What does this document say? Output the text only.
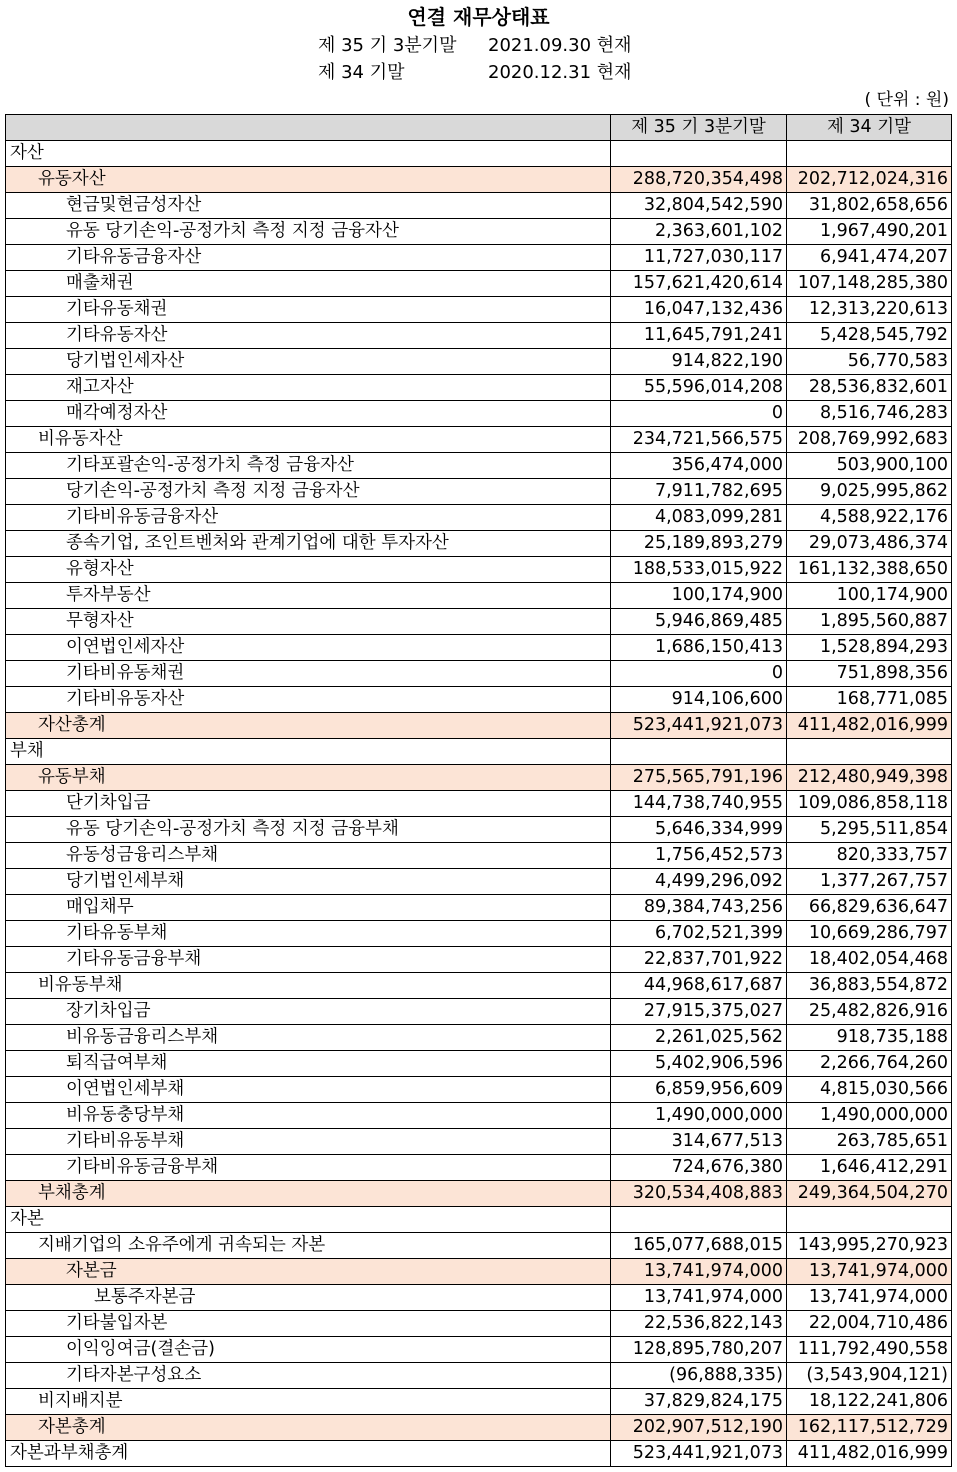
연결 재무상태표
제 35 기 3분기말 2021.09.30 현재
제 34 기말	2020.12.31 현재
( 단위 : 원)
	제 35 기 3분기말	제 34 기말
자산		
유동자산	288,720,354,498	202,712,024,316
현금및현금성자산	32,804,542,590	31,802,658,656
유동 당기손익-공정가치 측정 지정 금융자산	2,363,601,102	1,967,490,201
기타유동금융자산	11,727,030,117	6,941,474,207
매출채권	157,621,420,614	107,148,285,380
기타유동채권	16,047,132,436	12,313,220,613
기타유동자산	11,645,791,241	5,428,545,792
당기법인세자산	914,822,190	56,770,583
재고자산	55,596,014,208	28,536,832,601
매각예정자산	0	8,516,746,283
비유동자산	234,721,566,575	208,769,992,683
기타포괄손익-공정가치 측정 금융자산	356,474,000	503,900,100
당기손익-공정가치 측정 지정 금융자산	7,911,782,695	9,025,995,862
기타비유동금융자산	4,083,099,281	4,588,922,176
종속기업, 조인트벤처와 관계기업에 대한 투자자산	25,189,893,279	29,073,486,374
유형자산	188,533,015,922	161,132,388,650
투자부동산	100,174,900	100,174,900
무형자산	5,946,869,485	1,895,560,887
이연법인세자산	1,686,150,413	1,528,894,293
기타비유동채권	0	751,898,356
기타비유동자산	914,106,600	168,771,085
자산총계	523,441,921,073	411,482,016,999
부채		
유동부채	275,565,791,196	212,480,949,398
단기차입금	144,738,740,955	109,086,858,118
유동 당기손익-공정가치 측정 지정 금융부채	5,646,334,999	5,295,511,854
유동성금융리스부채	1,756,452,573	820,333,757
당기법인세부채	4,499,296,092	1,377,267,757
매입채무	89,384,743,256	66,829,636,647
기타유동부채	6,702,521,399	10,669,286,797
기타유동금융부채	22,837,701,922	18,402,054,468
비유동부채	44,968,617,687	36,883,554,872
장기차입금	27,915,375,027	25,482,826,916
비유동금융리스부채	2,261,025,562	918,735,188
퇴직급여부채	5,402,906,596	2,266,764,260
이연법인세부채	6,859,956,609	4,815,030,566
비유동충당부채	1,490,000,000	1,490,000,000
기타비유동부채	314,677,513	263,785,651
기타비유동금융부채	724,676,380	1,646,412,291
부채총계	320,534,408,883	249,364,504,270
자본		
지배기업의 소유주에게 귀속되는 자본	165,077,688,015	143,995,270,923
자본금	13,741,974,000	13,741,974,000
보통주자본금	13,741,974,000	13,741,974,000
기타불입자본	22,536,822,143	22,004,710,486
이익잉여금(결손금)	128,895,780,207	111,792,490,558
기타자본구성요소	(96,888,335)	(3,543,904,121)
비지배지분	37,829,824,175	18,122,241,806
자본총계	202,907,512,190	162,117,512,729
자본과부채총계	523,441,921,073	411,482,016,999
